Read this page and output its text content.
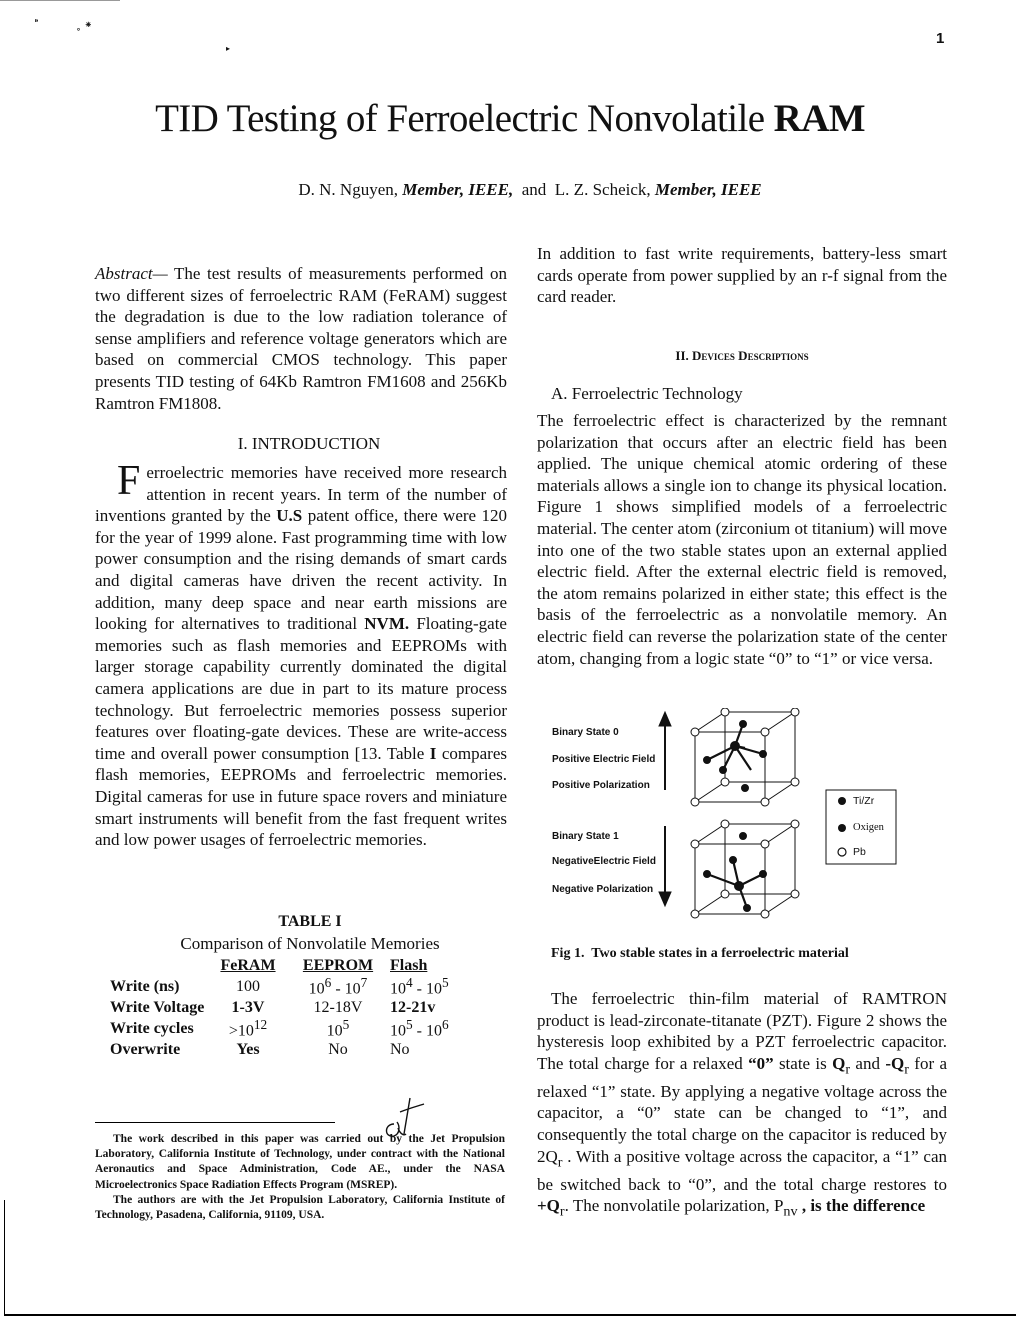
⁍	˳ ⁕
▸
1
TID Testing of Ferroelectric Nonvolatile RAM
D. N. Nguyen, Member, IEEE,  and  L. Z. Scheick, Member, IEEE

Abstract— The test results of measurements performed on two different sizes of ferroelectric RAM (FeRAM) suggest the degradation is due to the low radiation tolerance of sense amplifiers and reference voltage generators which are based on commercial CMOS technology. This paper presents TID testing of 64Kb Ramtron FM1608 and 256Kb Ramtron FM1808.

I. INTRODUCTION

Ferroelectric memories have received more research attention in recent years. In term of the number of inventions granted by the U.S patent office, there were 120 for the year of 1999 alone. Fast programming time with low power consumption and the rising demands of smart cards and digital cameras have driven the recent activity. In addition, many deep space and near earth missions are looking for alternatives to traditional NVM. Floating-gate memories such as flash memories and EEPROMs with larger storage capability currently dominated the digital camera applications are due in part to its mature process technology. But ferroelectric memories possess superior features over floating-gate devices. These are write-access time and overall power consumption [13. Table I compares flash memories, EEPROMs and ferroelectric memories. Digital cameras for use in future space rovers and miniature smart instruments will benefit from the fast frequent writes and low power usages of ferroelectric memories.

TABLE I
Comparison of Nonvolatile Memories
	FeRAM	EEPROM	Flash
Write (ns)	100	$10^6 - 10^7$	$10^4 - 10^5$
Write Voltage	1-3V	12-18V	12-21v
Write cycles	$>10^{12}$	$10^5$	$10^5 - 10^6$
Overwrite	Yes	No	No
The work described in this paper was carried out by the Jet Propulsion Laboratory, California Institute of Technology, under contract with the National Aeronautics and Space Administration, Code AE., under the NASA Microelectronics Space Radiation Effects Program (MSREP).
The authors are with the Jet Propulsion Laboratory, California Institute of Technology, Pasadena, California, 91109, USA.

In addition to fast write requirements, battery-less smart cards operate from power supplied by an r-f signal from the card reader.

II. Devices Descriptions
A. Ferroelectric Technology

The ferroelectric effect is characterized by the remnant polarization that occurs after an electric field has been applied. The unique chemical atomic ordering of these materials allows a single ion to change its physical location. Figure 1 shows simplified models of a ferroelectric material. The center atom (zirconium ot titanium) will move into one of the two stable states upon an external applied electric field. After the external electric field is removed, the atom remains polarized in either state; this effect is the basis of the ferroelectric as a nonvolatile memory. An electric field can reverse the polarization state of the center atom, changing from a logic state “0” to “1” or vice versa.

Binary State 0
Positive Electric Field
Positive Polarization
Binary State 1
NegativeElectric Field
Negative Polarization
Ti/Zr
Oxigen
Pb
Fig 1.  Two stable states in a ferroelectric material

The ferroelectric thin-film material of RAMTRON product is lead-zirconate-titanate (PZT). Figure 2 shows the hysteresis loop exhibited by a PZT ferroelectric capacitor. The total charge for a relaxed “0” state is $Q_r$ and $-Q_r$ for a relaxed “1” state. By applying a negative voltage across the capacitor, a “0” state can be changed to “1”, and consequently the total charge on the capacitor is reduced by $2Q_r$ . With a positive voltage across the capacitor, a “1” can be switched back to “0”, and the total charge restores to $+Q_r$. The nonvolatile polarization, $P_{nv}$ , is the difference
